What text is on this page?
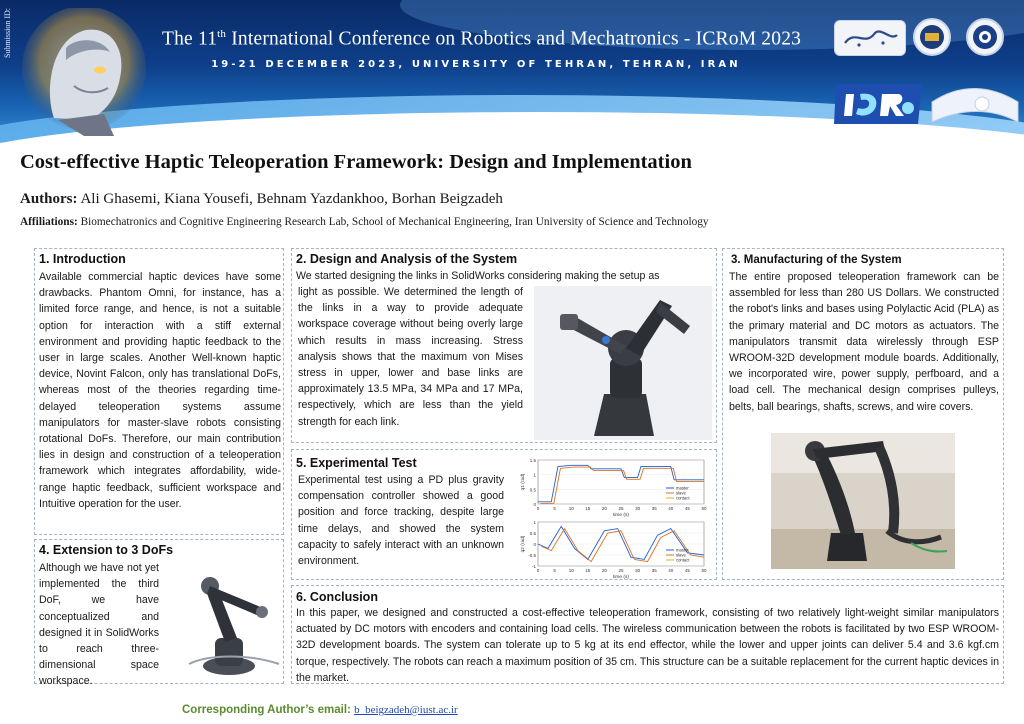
Submission ID:	The 11th International Conference on Robotics and Mechatronics - ICRoM 2023
19-21 DECEMBER 2023, UNIVERSITY OF TEHRAN, TEHRAN, IRAN
Cost-effective Haptic Teleoperation Framework: Design and Implementation
Authors: Ali Ghasemi, Kiana Yousefi, Behnam Yazdankhoo, Borhan Beigzadeh
Affiliations: Biomechatronics and Cognitive Engineering Research Lab, School of Mechanical Engineering, Iran University of Science and Technology
1. Introduction
Available commercial haptic devices have some drawbacks. Phantom Omni, for instance, has a limited force range, and hence, is not a suitable option for interaction with a stiff external environment and providing haptic feedback to the user in large scales. Another Well-known haptic device, Novint Falcon, only has translational DoFs, whereas most of the theories regarding time-delayed teleoperation systems assume manipulators for master-slave robots consisting rotational DoFs. Therefore, our main contribution lies in design and construction of a teleoperation framework which integrates affordability, wide-range haptic feedback, sufficient workspace and Intuitive operation for the user.
4. Extension to 3 DoFs
Although we have not yet implemented the third DoF, we have conceptualized and designed it in SolidWorks to reach three-dimensional space workspace.
2. Design and Analysis of the System
We started designing the links in SolidWorks considering making the setup as
light as possible. We determined the length of the links in a way to provide adequate workspace coverage without being overly large which results in mass increasing. Stress analysis shows that the maximum von Mises stress in upper, lower and base links are approximately 13.5 MPa, 34 MPa and 17 MPa, respectively, which are less than the yield strength for each link.
5. Experimental Test
Experimental test using a PD plus gravity compensation controller showed a good position and force tracking, despite large time delays, and showed the system capacity to safely interact with an unknown environment.
1.5
1
0.5
0
0	5	10	15	20	25	30	35	40	45	50
time (s)
q1 (rad)	master
slave
contact
1
0.5
0
-0.5
-1
0	5	10	15	20	25	30	35	40	45	50
time (s)
q2 (rad)	master
slave
contact
3. Manufacturing of the System
The entire proposed teleoperation framework can be assembled for less than 280 US Dollars. We constructed the robot's links and bases using Polylactic Acid (PLA) as the primary material and DC motors as actuators. The manipulators transmit data wirelessly through ESP WROOM-32D development module boards. Additionally, we incorporated wire, power supply, perfboard, and a load cell. The mechanical design comprises pulleys, belts, ball bearings, shafts, screws, and wire covers.
6. Conclusion
In this paper, we designed and constructed a cost-effective teleoperation framework, consisting of two relatively light-weight similar manipulators actuated by DC motors with encoders and containing load cells. The wireless communication between the robots is facilitated by two ESP WROOM-32D development boards. The system can tolerate up to 5 kg at its end effector, while the lower and upper joints can deliver 5.4 and 3.6 kgf.cm torque, respectively. The robots can reach a maximum position of 35 cm. This structure can be a suitable replacement for the current haptic devices in the market.
Corresponding Author’s email: b_beigzadeh@iust.ac.ir
